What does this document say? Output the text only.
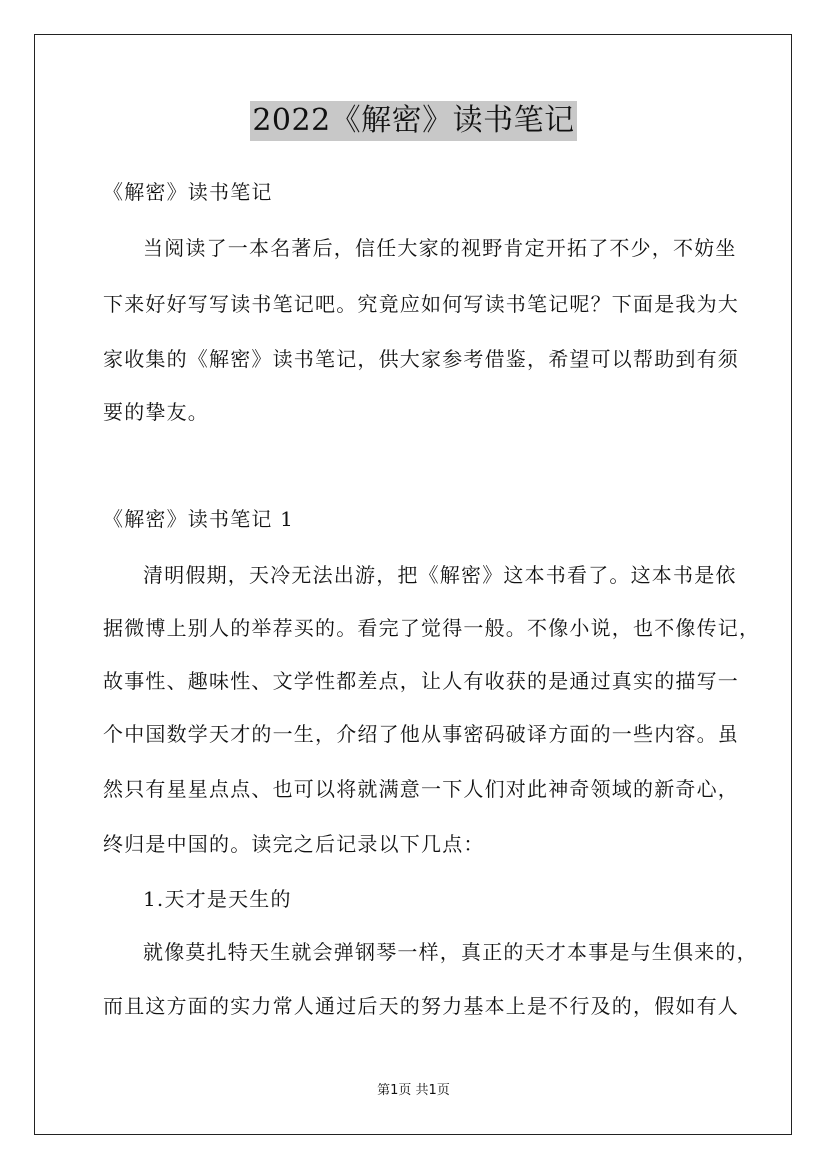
2022《解密》读书笔记

《解密》读书笔记

当阅读了一本名著后，信任大家的视野肯定开拓了不少，不妨坐

下来好好写写读书笔记吧。究竟应如何写读书笔记呢？下面是我为大

家收集的《解密》读书笔记，供大家参考借鉴，希望可以帮助到有须

要的挚友。

《解密》读书笔记 1

清明假期，天冷无法出游，把《解密》这本书看了。这本书是依

据微博上别人的举荐买的。看完了觉得一般。不像小说，也不像传记，

故事性、趣味性、文学性都差点，让人有收获的是通过真实的描写一

个中国数学天才的一生，介绍了他从事密码破译方面的一些内容。虽

然只有星星点点、也可以将就满意一下人们对此神奇领域的新奇心，

终归是中国的。读完之后记录以下几点：

1.天才是天生的

就像莫扎特天生就会弹钢琴一样，真正的天才本事是与生俱来的，

而且这方面的实力常人通过后天的努力基本上是不行及的，假如有人

第1页 共1页
